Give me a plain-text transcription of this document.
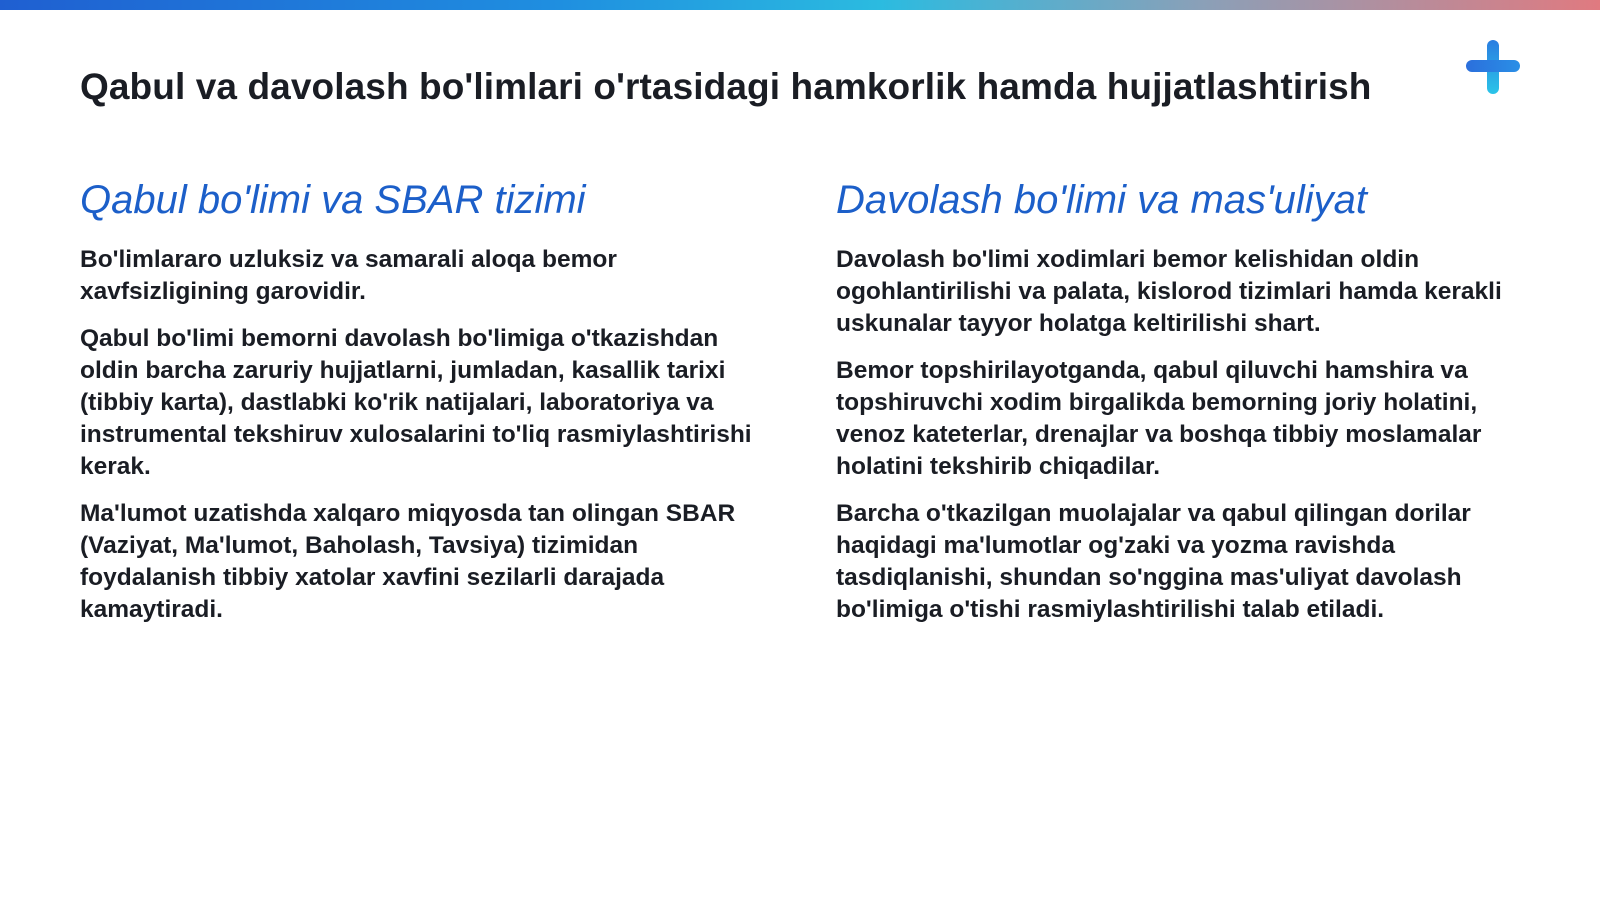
Qabul va davolash bo'limlari o'rtasidagi hamkorlik hamda hujjatlashtirish
Qabul bo'limi va SBAR tizimi

Bo'limlararo uzluksiz va samarali aloqa bemor xavfsizligining garovidir.

Qabul bo'limi bemorni davolash bo'limiga o'tkazishdan oldin barcha zaruriy hujjatlarni, jumladan, kasallik tarixi (tibbiy karta), dastlabki ko'rik natijalari, laboratoriya va instrumental tekshiruv xulosalarini to'liq rasmiylashtirishi kerak.

Ma'lumot uzatishda xalqaro miqyosda tan olingan SBAR (Vaziyat, Ma'lumot, Baholash, Tavsiya) tizimidan foydalanish tibbiy xatolar xavfini sezilarli darajada kamaytiradi.

Davolash bo'limi va mas'uliyat

Davolash bo'limi xodimlari bemor kelishidan oldin ogohlantirilishi va palata, kislorod tizimlari hamda kerakli uskunalar tayyor holatga keltirilishi shart.

Bemor topshirilayotganda, qabul qiluvchi hamshira va topshiruvchi xodim birgalikda bemorning joriy holatini, venoz kateterlar, drenajlar va boshqa tibbiy moslamalar holatini tekshirib chiqadilar.

Barcha o'tkazilgan muolajalar va qabul qilingan dorilar haqidagi ma'lumotlar og'zaki va yozma ravishda tasdiqlanishi, shundan so'nggina mas'uliyat davolash bo'limiga o'tishi rasmiylashtirilishi talab etiladi.
